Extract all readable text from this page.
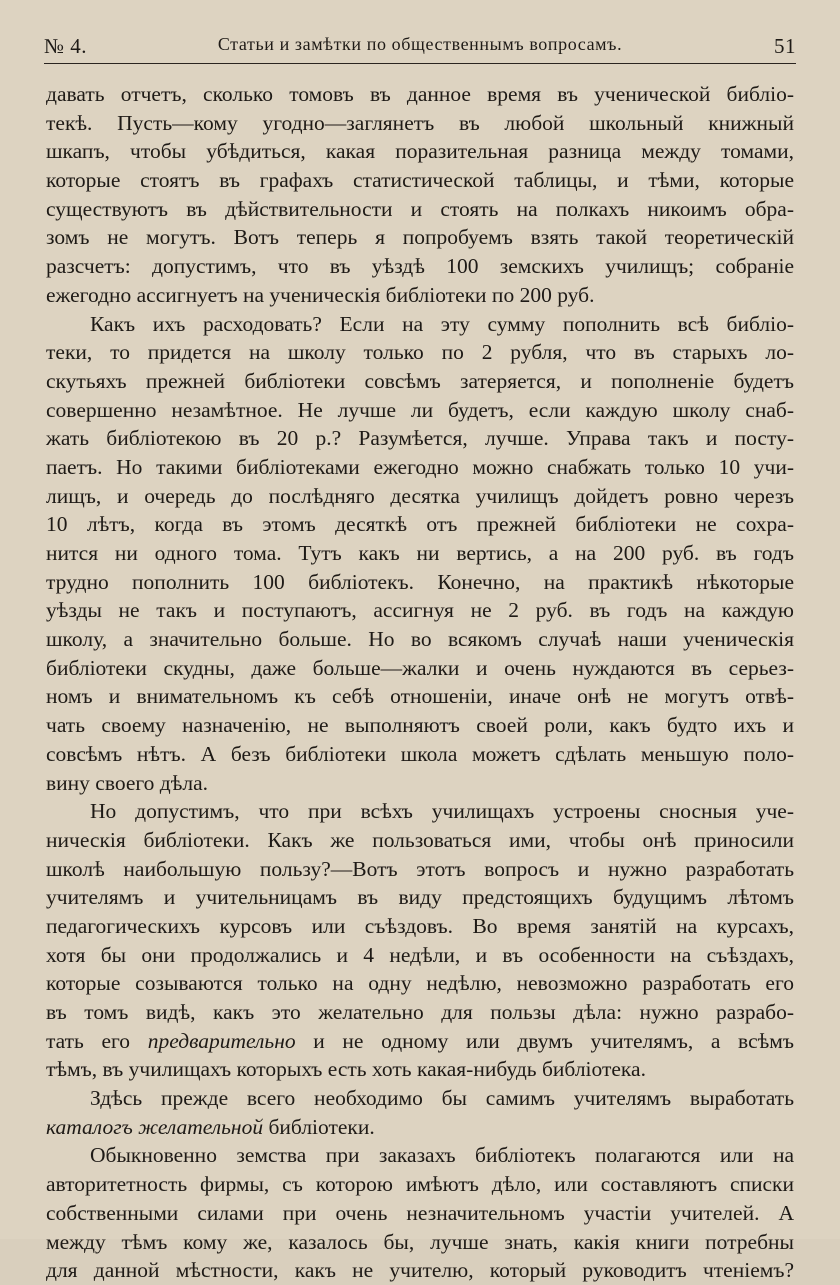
№ 4.	Статьи и замѣтки по общественнымъ вопросамъ.	51
давать отчетъ, сколько томовъ въ данное время въ ученической библіо-
текѣ. Пусть—кому угодно—заглянетъ въ любой школьный книжный
шкапъ, чтобы убѣдиться, какая поразительная разница между томами,
которые стоятъ въ графахъ статистической таблицы, и тѣми, которые
существуютъ въ дѣйствительности и стоять на полкахъ никоимъ обра-
зомъ не могутъ. Вотъ теперь я попробуемъ взять такой теоретическій
разсчетъ: допустимъ, что въ уѣздѣ 100 земскихъ училищъ; собраніе
ежегодно ассигнуетъ на ученическія библіотеки по 200 руб.
Какъ ихъ расходовать? Если на эту сумму пополнить всѣ библіо-
теки, то придется на школу только по 2 рубля, что въ старыхъ ло-
скутьяхъ прежней библіотеки совсѣмъ затеряется, и пополненіе будетъ
совершенно незамѣтное. Не лучше ли будетъ, если каждую школу снаб-
жать библіотекою въ 20 р.? Разумѣется, лучше. Управа такъ и посту-
паетъ. Но такими библіотеками ежегодно можно снабжать только 10 учи-
лищъ, и очередь до послѣдняго десятка училищъ дойдетъ ровно черезъ
10 лѣтъ, когда въ этомъ десяткѣ отъ прежней библіотеки не сохра-
нится ни одного тома. Тутъ какъ ни вертись, а на 200 руб. въ годъ
трудно пополнить 100 библіотекъ. Конечно, на практикѣ нѣкоторые
уѣзды не такъ и поступаютъ, ассигнуя не 2 руб. въ годъ на каждую
школу, а значительно больше. Но во всякомъ случаѣ наши ученическія
библіотеки скудны, даже больше—жалки и очень нуждаются въ серьез-
номъ и внимательномъ къ себѣ отношеніи, иначе онѣ не могутъ отвѣ-
чать своему назначенію, не выполняютъ своей роли, какъ будто ихъ и
совсѣмъ нѣтъ. А безъ библіотеки школа можетъ сдѣлать меньшую поло-
вину своего дѣла.
Но допустимъ, что при всѣхъ училищахъ устроены сносныя уче-
ническія библіотеки. Какъ же пользоваться ими, чтобы онѣ приносили
школѣ наибольшую пользу?—Вотъ этотъ вопросъ и нужно разработать
учителямъ и учительницамъ въ виду предстоящихъ будущимъ лѣтомъ
педагогическихъ курсовъ или съѣздовъ. Во время занятій на курсахъ,
хотя бы они продолжались и 4 недѣли, и въ особенности на съѣздахъ,
которые созываются только на одну недѣлю, невозможно разработать его
въ томъ видѣ, какъ это желательно для пользы дѣла: нужно разрабо-
тать его предварительно и не одному или двумъ учителямъ, а всѣмъ
тѣмъ, въ училищахъ которыхъ есть хоть какая-нибудь библіотека.
Здѣсь прежде всего необходимо бы самимъ учителямъ выработать
каталогъ желательной библіотеки.
Обыкновенно земства при заказахъ библіотекъ полагаются или на
авторитетность фирмы, съ которою имѣютъ дѣло, или составляютъ списки
собственными силами при очень незначительномъ участіи учителей. А
между тѣмъ кому же, казалось бы, лучше знать, какія книги потребны
для данной мѣстности, какъ не учителю, который руководитъ чтеніемъ?
